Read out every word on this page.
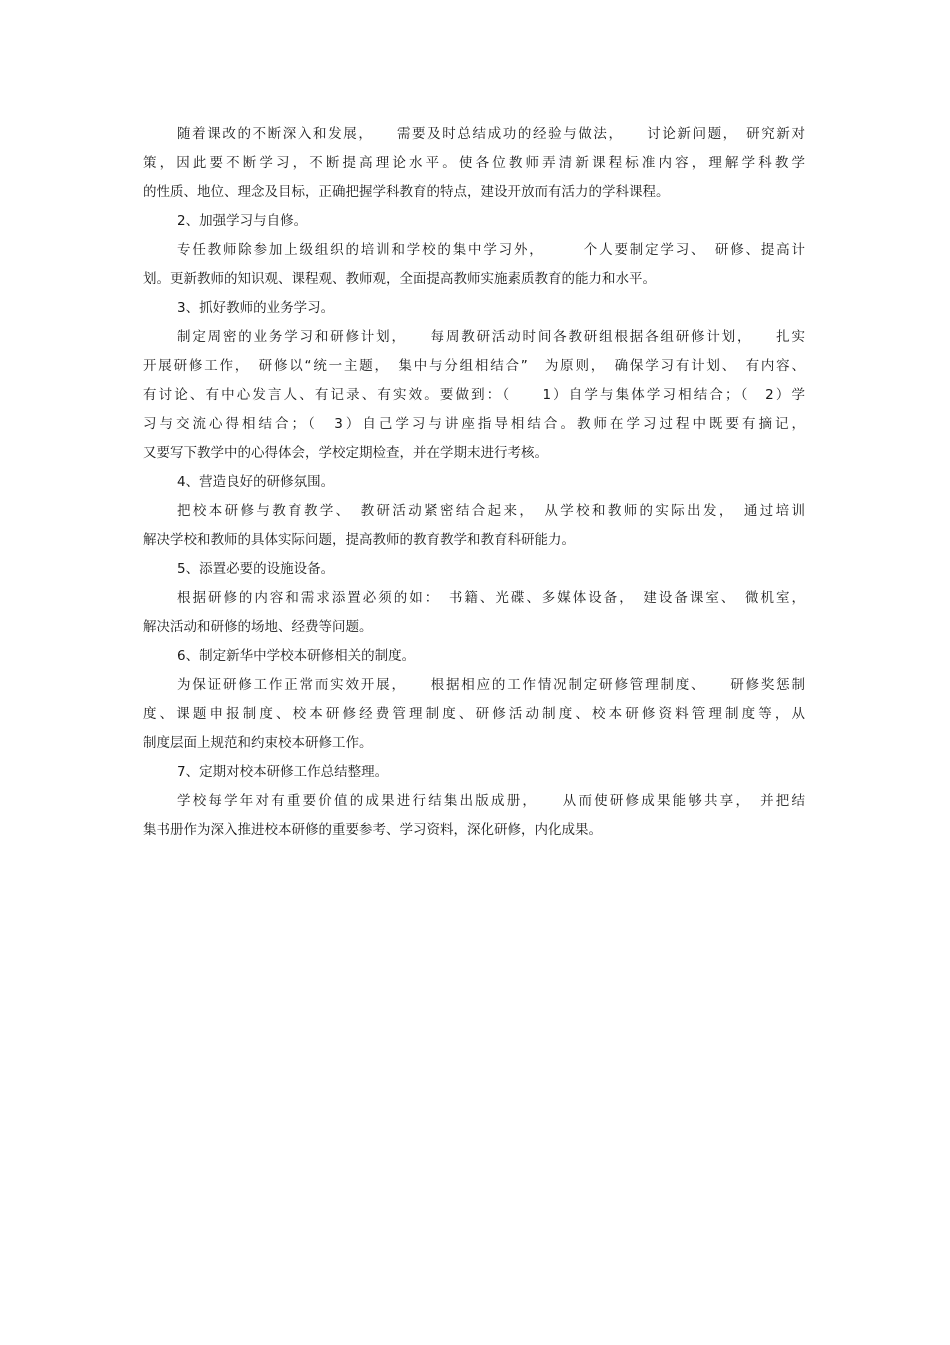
随着课改的不断深入和发展，　　需要及时总结成功的经验与做法，　　讨论新问题，　研究新对
策，因此要不断学习，不断提高理论水平。使各位教师弄清新课程标准内容，理解学科教学
的性质、地位、理念及目标，正确把握学科教育的特点，建设开放而有活力的学科课程。
2、加强学习与自修。
专任教师除参加上级组织的培训和学校的集中学习外，　　　个人要制定学习、　研修、提高计
划。更新教师的知识观、课程观、教师观，全面提高教师实施素质教育的能力和水平。
3、抓好教师的业务学习。
制定周密的业务学习和研修计划，　　每周教研活动时间各教研组根据各组研修计划，　　扎实
开展研修工作，　研修以“统一主题，　集中与分组相结合”　为原则，　确保学习有计划、　有内容、
有讨论、有中心发言人、有记录、有实效。要做到：（　　1）自学与集体学习相结合；（　2）学
习与交流心得相结合；（　3）自己学习与讲座指导相结合。教师在学习过程中既要有摘记，
又要写下教学中的心得体会，学校定期检查，并在学期末进行考核。
4、营造良好的研修氛围。
把校本研修与教育教学、　教研活动紧密结合起来，　从学校和教师的实际出发，　通过培训
解决学校和教师的具体实际问题，提高教师的教育教学和教育科研能力。
5、添置必要的设施设备。
根据研修的内容和需求添置必须的如：　书籍、光碟、多媒体设备，　建设备课室、　微机室，
解决活动和研修的场地、经费等问题。
6、制定新华中学校本研修相关的制度。
为保证研修工作正常而实效开展，　　根据相应的工作情况制定研修管理制度、　　研修奖惩制
度、课题申报制度、校本研修经费管理制度、研修活动制度、校本研修资料管理制度等，从
制度层面上规范和约束校本研修工作。
7、定期对校本研修工作总结整理。
学校每学年对有重要价值的成果进行结集出版成册，　　从而使研修成果能够共享，　并把结
集书册作为深入推进校本研修的重要参考、学习资料，深化研修，内化成果。
